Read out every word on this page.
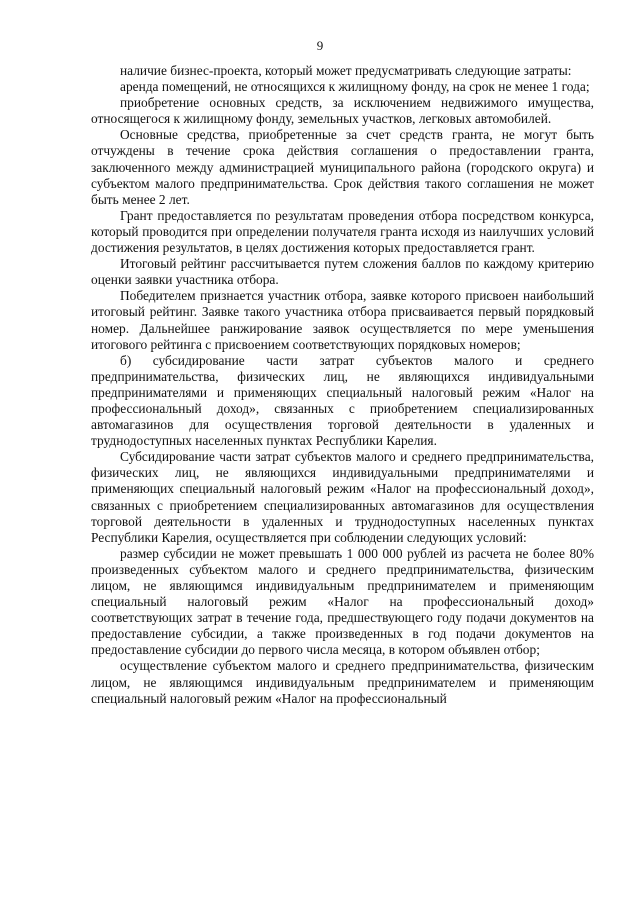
9

наличие бизнес-проекта, который может предусматривать следующие затраты:

аренда помещений, не относящихся к жилищному фонду, на срок не менее 1 года;

приобретение основных средств, за исключением недвижимого имущества, относящегося к жилищному фонду, земельных участков, легковых автомобилей.

Основные средства, приобретенные за счет средств гранта, не могут быть отчуждены в течение срока действия соглашения о предоставлении гранта, заключенного между администрацией муниципального района (городского округа) и субъектом малого предпринимательства. Срок действия такого соглашения не может быть менее 2 лет.

Грант предоставляется по результатам проведения отбора посредством конкурса, который проводится при определении получателя гранта исходя из наилучших условий достижения результатов, в целях достижения которых предоставляется грант.

Итоговый рейтинг рассчитывается путем сложения баллов по каждому критерию оценки заявки участника отбора.

Победителем признается участник отбора, заявке которого присвоен наибольший итоговый рейтинг. Заявке такого участника отбора присваивается первый порядковый номер. Дальнейшее ранжирование заявок осуществляется по мере уменьшения итогового рейтинга с присвоением соответствующих порядковых номеров;

б) субсидирование части затрат субъектов малого и среднего предпринимательства, физических лиц, не являющихся индивидуальными предпринимателями и применяющих специальный налоговый режим «Налог на профессиональный доход», связанных с приобретением специализированных автомагазинов для осуществления торговой деятельности в удаленных и труднодоступных населенных пунктах Республики Карелия.

Субсидирование части затрат субъектов малого и среднего предпринимательства, физических лиц, не являющихся индивидуальными предпринимателями и применяющих специальный налоговый режим «Налог на профессиональный доход», связанных с приобретением специализированных автомагазинов для осуществления торговой деятельности в удаленных и труднодоступных населенных пунктах Республики Карелия, осуществляется при соблюдении следующих условий:

размер субсидии не может превышать 1 000 000 рублей из расчета не более 80% произведенных субъектом малого и среднего предпринимательства, физическим лицом, не являющимся индивидуальным предпринимателем и применяющим специальный налоговый режим «Налог на профессиональный доход» соответствующих затрат в течение года, предшествующего году подачи документов на предоставление субсидии, а также произведенных в год подачи документов на предоставление субсидии до первого числа месяца, в котором объявлен отбор;

осуществление субъектом малого и среднего предпринимательства, физическим лицом, не являющимся индивидуальным предпринимателем и применяющим специальный налоговый режим «Налог на профессиональный
